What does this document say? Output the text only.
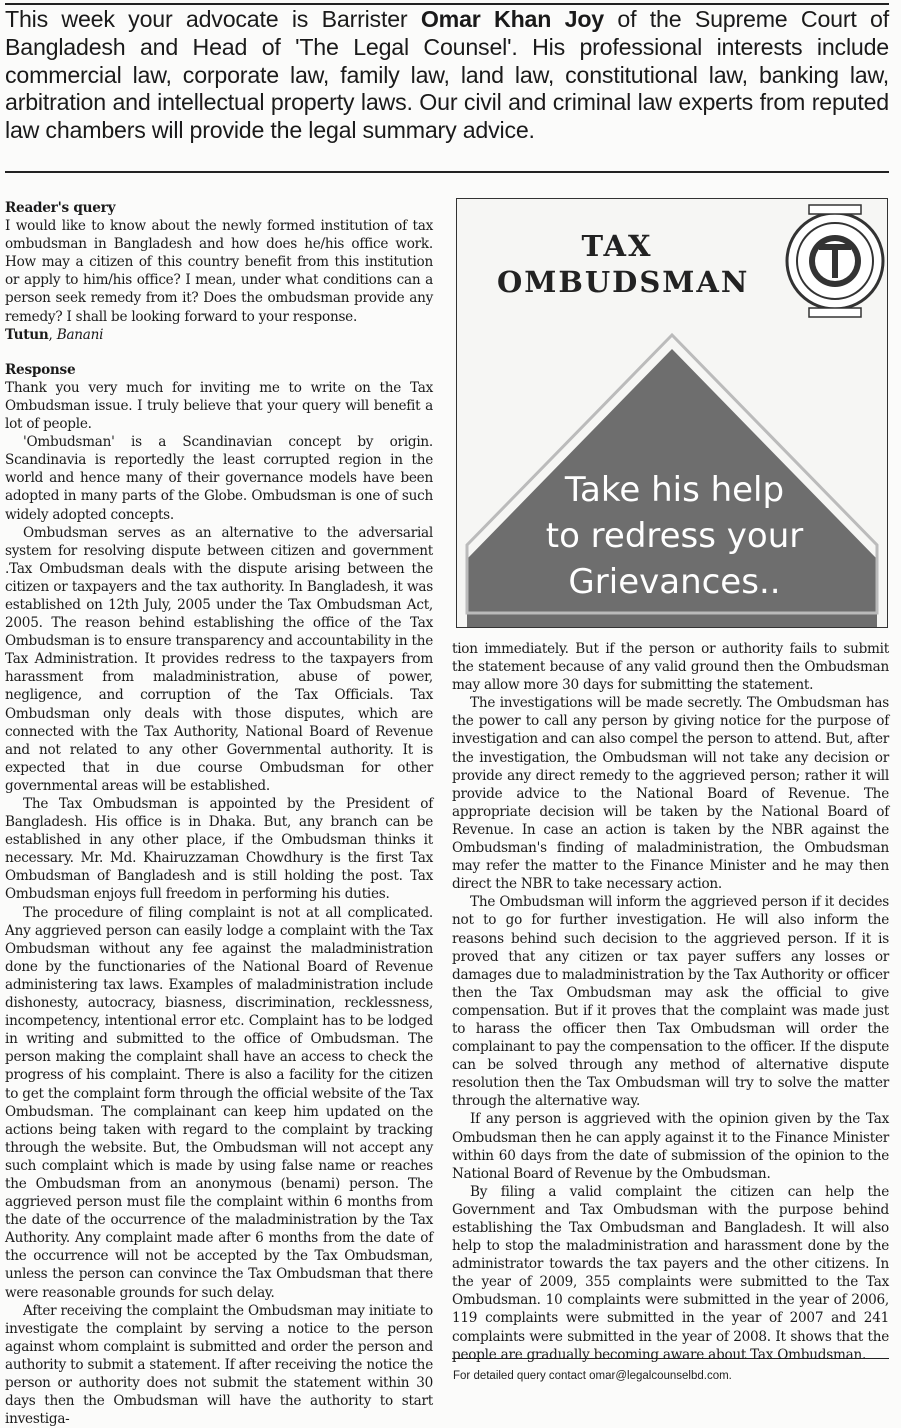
This week your advocate is Barrister Omar Khan Joy of the Supreme Court of Bangladesh and Head of 'The Legal Counsel'. His professional interests include commercial law, corporate law, family law, land law, constitutional law, banking law, arbitration and intellectual property laws. Our civil and criminal law experts from reputed law chambers will provide the legal summary advice.

Reader's query

I would like to know about the newly formed institution of tax ombudsman in Bangladesh and how does he/his office work. How may a citizen of this country benefit from this institution or apply to him/his office? I mean, under what conditions can a person seek remedy from it? Does the ombudsman provide any remedy? I shall be looking forward to your response.

Tutun, Banani

Response

Thank you very much for inviting me to write on the Tax Ombudsman issue. I truly believe that your query will benefit a lot of people.

'Ombudsman' is a Scandinavian concept by origin. Scandinavia is reportedly the least corrupted region in the world and hence many of their governance models have been adopted in many parts of the Globe. Ombudsman is one of such widely adopted concepts.

Ombudsman serves as an alternative to the adversarial system for resolving dispute between citizen and government .Tax Ombudsman deals with the dispute arising between the citizen or taxpayers and the tax authority. In Bangladesh, it was established on 12th July, 2005 under the Tax Ombudsman Act, 2005. The reason behind establishing the office of the Tax Ombudsman is to ensure transparency and accountability in the Tax Administration. It provides redress to the taxpayers from harassment from maladministration, abuse of power, negligence, and corruption of the Tax Officials. Tax Ombudsman only deals with those disputes, which are connected with the Tax Authority, National Board of Revenue and not related to any other Governmental authority. It is expected that in due course Ombudsman for other governmental areas will be established.

The Tax Ombudsman is appointed by the President of Bangladesh. His office is in Dhaka. But, any branch can be established in any other place, if the Ombudsman thinks it necessary. Mr. Md. Khairuzzaman Chowdhury is the first Tax Ombudsman of Bangladesh and is still holding the post. Tax Ombudsman enjoys full freedom in performing his duties.

The procedure of filing complaint is not at all complicated. Any aggrieved person can easily lodge a complaint with the Tax Ombudsman without any fee against the maladministration done by the functionaries of the National Board of Revenue administering tax laws. Examples of maladministration include dishonesty, autocracy, biasness, discrimination, recklessness, incompetency, intentional error etc. Complaint has to be lodged in writing and submitted to the office of Ombudsman. The person making the complaint shall have an access to check the progress of his complaint. There is also a facility for the citizen to get the complaint form through the official website of the Tax Ombudsman. The complainant can keep him updated on the actions being taken with regard to the complaint by tracking through the website. But, the Ombudsman will not accept any such complaint which is made by using false name or reaches the Ombudsman from an anonymous (benami) person. The aggrieved person must file the complaint within 6 months from the date of the occurrence of the maladministration by the Tax Authority. Any complaint made after 6 months from the date of the occurrence will not be accepted by the Tax Ombudsman, unless the person can convince the Tax Ombudsman that there were reasonable grounds for such delay.

After receiving the complaint the Ombudsman may initiate to investigate the complaint by serving a notice to the person against whom complaint is submitted and order the person and authority to submit a statement. If after receiving the notice the person or authority does not submit the statement within 30 days then the Ombudsman will have the authority to start investiga-

TAX
OMBUDSMAN
Take his help
to redress your
Grievances..

tion immediately. But if the person or authority fails to submit the statement because of any valid ground then the Ombudsman may allow more 30 days for submitting the statement.

The investigations will be made secretly. The Ombudsman has the power to call any person by giving notice for the purpose of investigation and can also compel the person to attend. But, after the investigation, the Ombudsman will not take any decision or provide any direct remedy to the aggrieved person; rather it will provide advice to the National Board of Revenue. The appropriate decision will be taken by the National Board of Revenue. In case an action is taken by the NBR against the Ombudsman's finding of maladministration, the Ombudsman may refer the matter to the Finance Minister and he may then direct the NBR to take necessary action.

The Ombudsman will inform the aggrieved person if it decides not to go for further investigation. He will also inform the reasons behind such decision to the aggrieved person. If it is proved that any citizen or tax payer suffers any losses or damages due to maladministration by the Tax Authority or officer then the Tax Ombudsman may ask the official to give compensation. But if it proves that the complaint was made just to harass the officer then Tax Ombudsman will order the complainant to pay the compensation to the officer. If the dispute can be solved through any method of alternative dispute resolution then the Tax Ombudsman will try to solve the matter through the alternative way.

If any person is aggrieved with the opinion given by the Tax Ombudsman then he can apply against it to the Finance Minister within 60 days from the date of submission of the opinion to the National Board of Revenue by the Ombudsman.

By filing a valid complaint the citizen can help the Government and Tax Ombudsman with the purpose behind establishing the Tax Ombudsman and Bangladesh. It will also help to stop the maladministration and harassment done by the administrator towards the tax payers and the other citizens. In the year of 2009, 355 complaints were submitted to the Tax Ombudsman. 10 complaints were submitted in the year of 2006, 119 complaints were submitted in the year of 2007 and 241 complaints were submitted in the year of 2008. It shows that the people are gradually becoming aware about Tax Ombudsman.

For detailed query contact omar@legalcounselbd.com.
